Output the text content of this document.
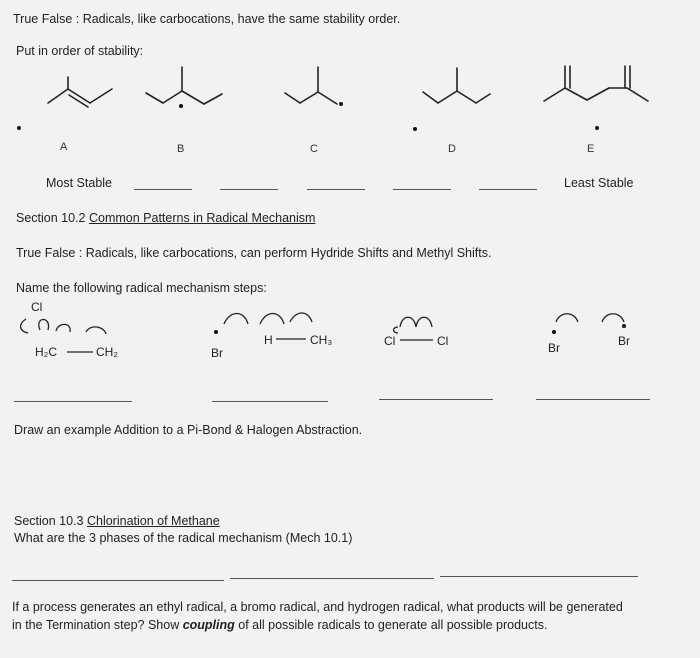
True False : Radicals, like carbocations, have the same stability order.
Put in order of stability:
A	B	C	D	E
Most Stable	Least Stable
Section 10.2 Common Patterns in Radical Mechanism
True False : Radicals, like carbocations, can perform Hydride Shifts and Methyl Shifts.
Name the following radical mechanism steps:
Draw an example Addition to a Pi-Bond & Halogen Abstraction.
Section 10.3 Chlorination of Methane
What are the 3 phases of the radical mechanism (Mech 10.1)
If a process generates an ethyl radical, a bromo radical, and hydrogen radical, what products will be generated
in the Termination step? Show coupling of all possible radicals to generate all possible products.
Cl
H₂C	CH₂	Br
H	CH₃	Cl	Cl	Br	Br
